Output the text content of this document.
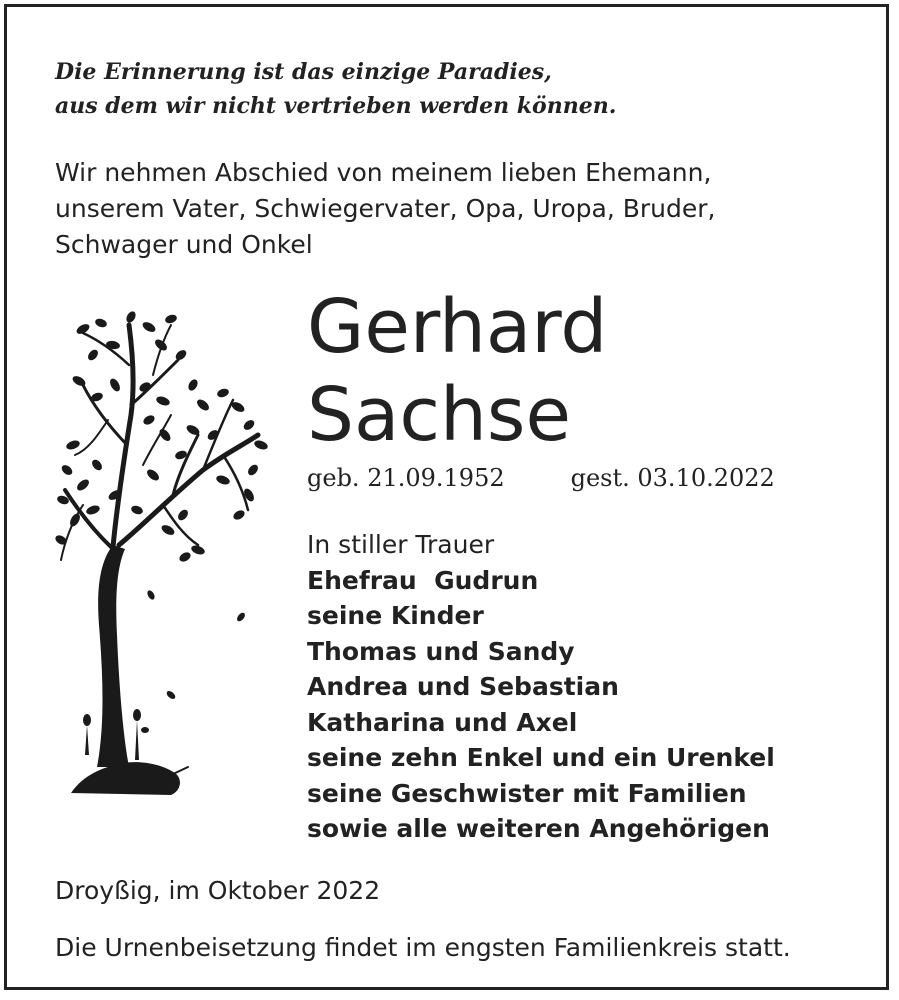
Die Erinnerung ist das einzige Paradies,
aus dem wir nicht vertrieben werden können.
Wir nehmen Abschied von meinem lieben Ehemann,
unserem Vater, Schwiegervater, Opa, Uropa, Bruder,
Schwager und Onkel
Gerhard
Sachse
geb. 21.09.1952	gest. 03.10.2022
In stiller Trauer
Ehefrau  Gudrun
seine Kinder
Thomas und Sandy
Andrea und Sebastian
Katharina und Axel
seine zehn Enkel und ein Urenkel
seine Geschwister mit Familien
sowie alle weiteren Angehörigen
Droyßig, im Oktober 2022
Die Urnenbeisetzung findet im engsten Familienkreis statt.
